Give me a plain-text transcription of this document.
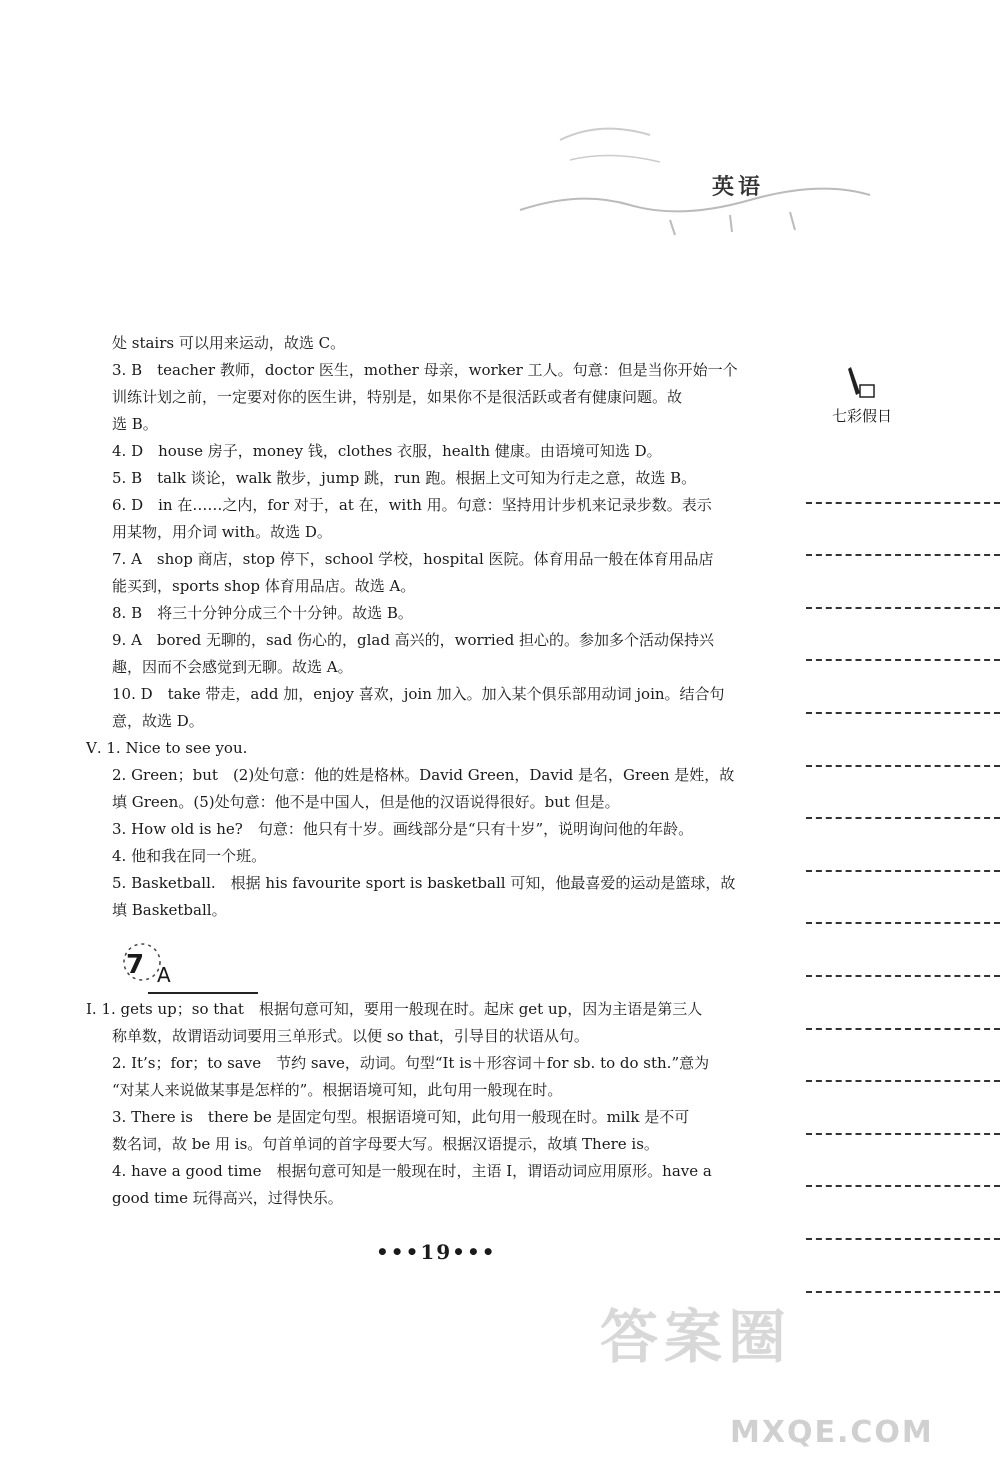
英语
处 stairs 可以用来运动，故选 C。
3. B　teacher 教师，doctor 医生，mother 母亲，worker 工人。句意：但是当你开始一个
训练计划之前，一定要对你的医生讲，特别是，如果你不是很活跃或者有健康问题。故
选 B。
4. D　house 房子，money 钱，clothes 衣服，health 健康。由语境可知选 D。
5. B　talk 谈论，walk 散步，jump 跳，run 跑。根据上文可知为行走之意，故选 B。
6. D　in 在……之内，for 对于，at 在，with 用。句意：坚持用计步机来记录步数。表示
用某物，用介词 with。故选 D。
7. A　shop 商店，stop 停下，school 学校，hospital 医院。体育用品一般在体育用品店
能买到，sports shop 体育用品店。故选 A。
8. B　将三十分钟分成三个十分钟。故选 B。
9. A　bored 无聊的，sad 伤心的，glad 高兴的，worried 担心的。参加多个活动保持兴
趣，因而不会感觉到无聊。故选 A。
10. D　take 带走，add 加，enjoy 喜欢，join 加入。加入某个俱乐部用动词 join。结合句
意，故选 D。
Ⅴ. 1. Nice to see you.
2. Green；but　(2)处句意：他的姓是格林。David Green，David 是名，Green 是姓，故
填 Green。(5)处句意：他不是中国人，但是他的汉语说得很好。but 但是。
3. How old is he?　句意：他只有十岁。画线部分是“只有十岁”，说明询问他的年龄。
4. 他和我在同一个班。
5. Basketball.　根据 his favourite sport is basketball 可知，他最喜爱的运动是篮球，故
填 Basketball。
7 A
Ⅰ. 1. gets up；so that　根据句意可知，要用一般现在时。起床 get up，因为主语是第三人
称单数，故谓语动词要用三单形式。以便 so that，引导目的状语从句。
2. It’s；for；to save　节约 save，动词。句型“It is＋形容词＋for sb. to do sth.”意为
“对某人来说做某事是怎样的”。根据语境可知，此句用一般现在时。
3. There is　there be 是固定句型。根据语境可知，此句用一般现在时。milk 是不可
数名词，故 be 用 is。句首单词的首字母要大写。根据汉语提示，故填 There is。
4. have a good time　根据句意可知是一般现在时，主语 I，谓语动词应用原形。have a
good time 玩得高兴，过得快乐。
七彩假日
•••19•••
答案圈
MXQE.COM
